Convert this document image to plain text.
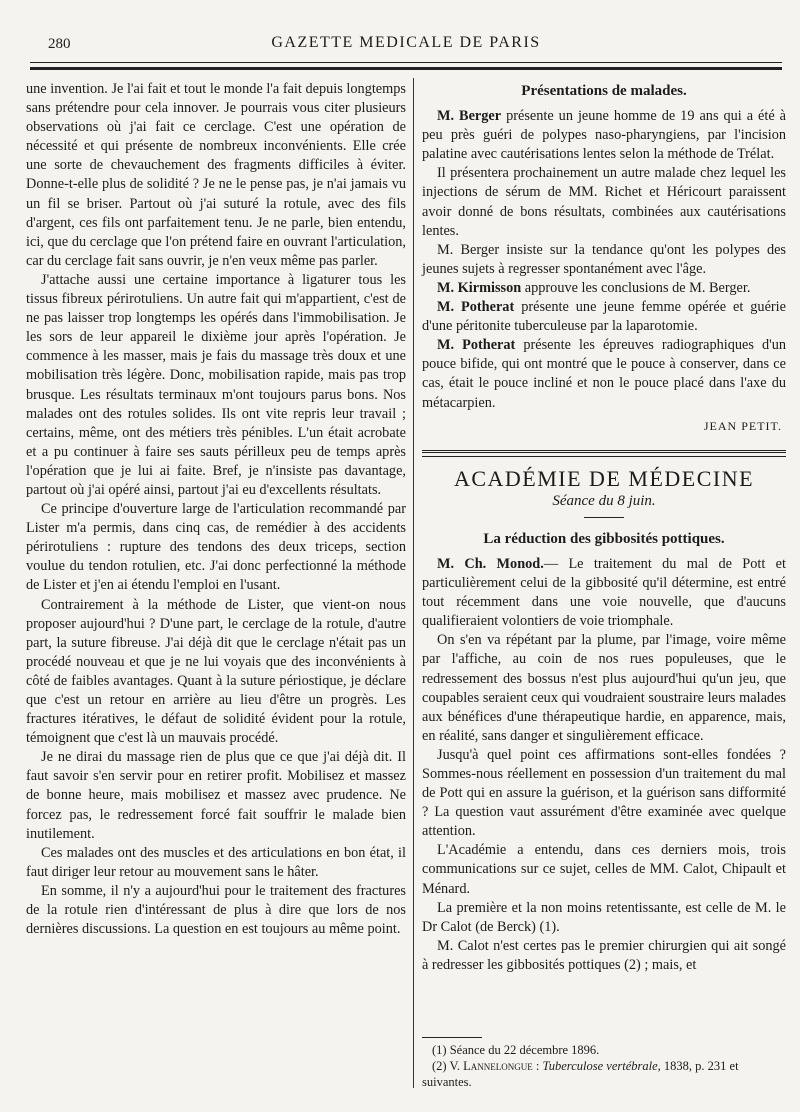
280	GAZETTE MEDICALE DE PARIS

une invention. Je l'ai fait et tout le monde l'a fait depuis longtemps sans prétendre pour cela innover. Je pourrais vous citer plusieurs observations où j'ai fait ce cerclage. C'est une opération de nécessité et qui présente de nombreux inconvénients. Elle crée une sorte de chevauchement des fragments difficiles à éviter. Donne-t-elle plus de solidité ? Je ne le pense pas, je n'ai jamais vu un fil se briser. Partout où j'ai suturé la rotule, avec des fils d'argent, ces fils ont parfaitement tenu. Je ne parle, bien entendu, ici, que du cerclage que l'on prétend faire en ouvrant l'articulation, car du cerclage fait sans ouvrir, je n'en veux même pas parler.

J'attache aussi une certaine importance à ligaturer tous les tissus fibreux périrotuliens. Un autre fait qui m'appartient, c'est de ne pas laisser trop longtemps les opérés dans l'immobilisation. Je les sors de leur appareil le dixième jour après l'opération. Je commence à les masser, mais je fais du massage très doux et une mobilisation très légère. Donc, mobilisation rapide, mais pas trop brusque. Les résultats terminaux m'ont toujours parus bons. Nos malades ont des rotules solides. Ils ont vite repris leur travail ; certains, même, ont des métiers très pénibles. L'un était acrobate et a pu continuer à faire ses sauts périlleux peu de temps après l'opération que je lui ai faite. Bref, je n'insiste pas davantage, partout où j'ai opéré ainsi, partout j'ai eu d'excellents résultats.

Ce principe d'ouverture large de l'articulation recommandé par Lister m'a permis, dans cinq cas, de remédier à des accidents périrotuliens : rupture des tendons des deux triceps, section voulue du tendon rotulien, etc. J'ai donc perfectionné la méthode de Lister et j'en ai étendu l'emploi en l'usant.

Contrairement à la méthode de Lister, que vient-on nous proposer aujourd'hui ? D'une part, le cerclage de la rotule, d'autre part, la suture fibreuse. J'ai déjà dit que le cerclage n'était pas un procédé nouveau et que je ne lui voyais que des inconvénients à côté de faibles avantages. Quant à la suture périostique, je déclare que c'est un retour en arrière au lieu d'être un progrès. Les fractures itératives, le défaut de solidité évident pour la rotule, témoignent que c'est là un mauvais procédé.

Je ne dirai du massage rien de plus que ce que j'ai déjà dit. Il faut savoir s'en servir pour en retirer profit. Mobilisez et massez de bonne heure, mais mobilisez et massez avec prudence. Ne forcez pas, le redressement forcé fait souffrir le malade bien inutilement.

Ces malades ont des muscles et des articulations en bon état, il faut diriger leur retour au mouvement sans le hâter.

En somme, il n'y a aujourd'hui pour le traitement des fractures de la rotule rien d'intéressant de plus à dire que lors de nos dernières discussions. La question en est toujours au même point.

Présentations de malades.

M. Berger présente un jeune homme de 19 ans qui a été à peu près guéri de polypes naso-pharyngiens, par l'incision palatine avec cautérisations lentes selon la méthode de Trélat.

Il présentera prochainement un autre malade chez lequel les injections de sérum de MM. Richet et Héricourt paraissent avoir donné de bons résultats, combinées aux cautérisations lentes.

M. Berger insiste sur la tendance qu'ont les polypes des jeunes sujets à regresser spontanément avec l'âge.

M. Kirmisson approuve les conclusions de M. Berger.

M. Potherat présente une jeune femme opérée et guérie d'une péritonite tuberculeuse par la laparotomie.

M. Potherat présente les épreuves radiographiques d'un pouce bifide, qui ont montré que le pouce à conserver, dans ce cas, était le pouce incliné et non le pouce placé dans l'axe du métacarpien.

JEAN PETIT.
ACADÉMIE DE MÉDECINE
Séance du 8 juin.
La réduction des gibbosités pottiques.

M. Ch. Monod.— Le traitement du mal de Pott et particulièrement celui de la gibbosité qu'il détermine, est entré tout récemment dans une voie nouvelle, que d'aucuns qualifieraient volontiers de voie triomphale.

On s'en va répétant par la plume, par l'image, voire même par l'affiche, au coin de nos rues populeuses, que le redressement des bossus n'est plus aujourd'hui qu'un jeu, que coupables seraient ceux qui voudraient soustraire leurs malades aux bénéfices d'une thérapeutique hardie, en apparence, mais, en réalité, sans danger et singulièrement efficace.

Jusqu'à quel point ces affirmations sont-elles fondées ? Sommes-nous réellement en possession d'un traitement du mal de Pott qui en assure la guérison, et la guérison sans difformité ? La question vaut assurément d'être examinée avec quelque attention.

L'Académie a entendu, dans ces derniers mois, trois communications sur ce sujet, celles de MM. Calot, Chipault et Ménard.

La première et la non moins retentissante, est celle de M. le Dr Calot (de Berck) (1).

M. Calot n'est certes pas le premier chirurgien qui ait songé à redresser les gibbosités pottiques (2) ; mais, et

(1) Séance du 22 décembre 1896.

(2) V. Lannelongue : Tuberculose vertébrale, 1838, p. 231 et suivantes.
